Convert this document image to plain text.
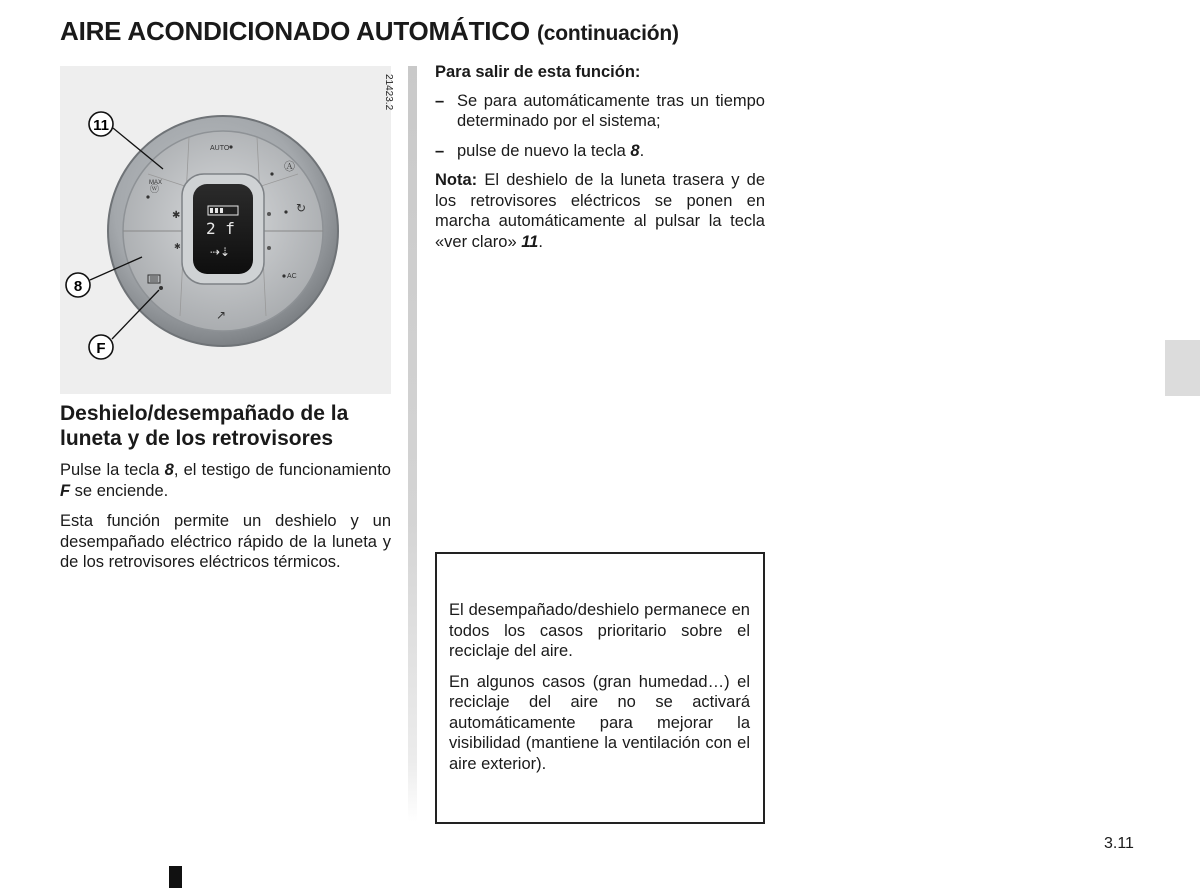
AIRE ACONDICIONADO AUTOMÁTICO (continuación)
21423.2
2 f
⇢⇣
AUTO
MAX
ⓦ
Ⓐ
↻
✱
✱
AC
↗
11
8
F
Deshielo/desempañado de la luneta y de los retrovisores

Pulse la tecla 8, el testigo de funcionamiento F se enciende.

Esta función permite un deshielo y un desempañado eléctrico rápido de la luneta y de los retrovisores eléctricos térmicos.

Para salir de esta función:
– Se para automáticamente tras un tiempo determinado por el sistema;
– pulse de nuevo la tecla 8.

Nota: El deshielo de la luneta trasera y de los retrovisores eléctricos se ponen en marcha automáticamente al pulsar la tecla «ver claro» 11.

El desempañado/deshielo permanece en todos los casos prioritario sobre el reciclaje del aire.

En algunos casos (gran humedad…) el reciclaje del aire no se activará automáticamente para mejorar la visibilidad (mantiene la ventilación con el aire exterior).

3.11
